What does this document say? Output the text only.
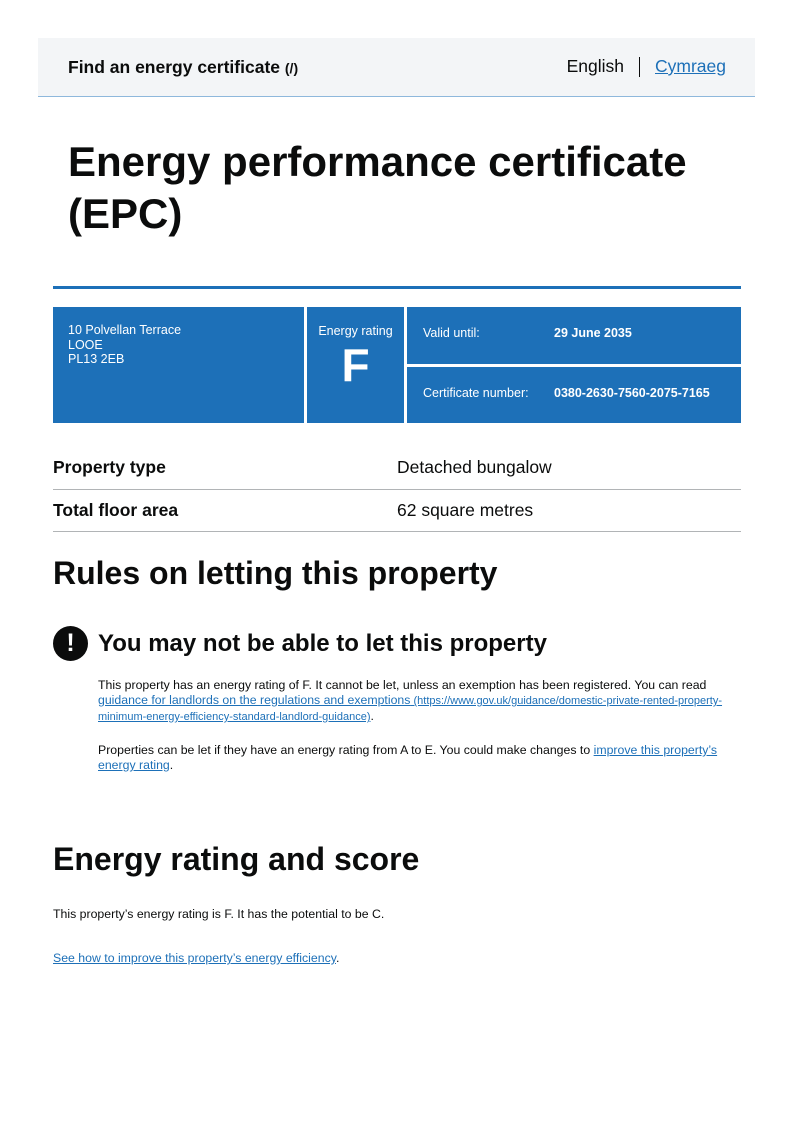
Find an energy certificate (/)	English Cymraeg
Energy performance certificate (EPC)
10 Polvellan Terrace
LOOE
PL13 2EB
Energy rating
F
Valid until:	29 June 2035
Certificate number:	0380-2630-7560-2075-7165
Property type	Detached bungalow
Total floor area	62 square metres
Rules on letting this property
! You may not be able to let this property

This property has an energy rating of F. It cannot be let, unless an exemption has been registered. You can read guidance for landlords on the regulations and exemptions (https://www.gov.uk/guidance/domestic-private-rented-property-minimum-energy-efficiency-standard-landlord-guidance).

Properties can be let if they have an energy rating from A to E. You could make changes to improve this property’s energy rating.

Energy rating and score

This property’s energy rating is F. It has the potential to be C.

See how to improve this property’s energy efficiency.
